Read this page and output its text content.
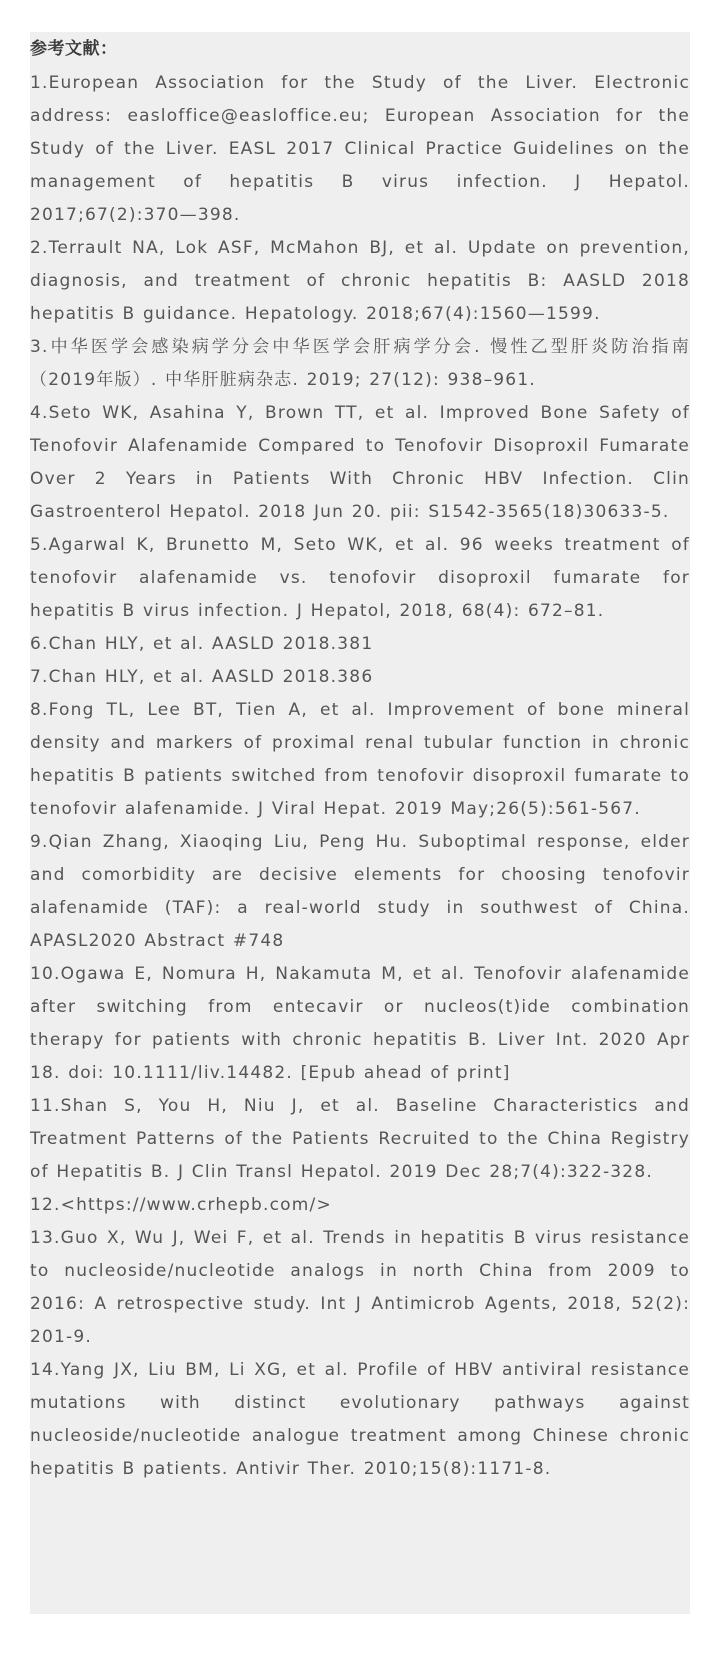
参考文献：

1.European Association for the Study of the Liver. Electronic address: easloffice@easloffice.eu; European Association for the Study of the Liver. EASL 2017 Clinical Practice Guidelines on the management of hepatitis B virus infection. J Hepatol. 2017;67(2):370—398.
2.Terrault NA, Lok ASF, McMahon BJ, et al. Update on prevention, diagnosis, and treatment of chronic hepatitis B: AASLD 2018 hepatitis B guidance. Hepatology. 2018;67(4):1560—1599.
3.中华医学会感染病学分会中华医学会肝病学分会. 慢性乙型肝炎防治指南（2019年版）. 中华肝脏病杂志. 2019; 27(12): 938–961.
4.Seto WK, Asahina Y, Brown TT, et al. Improved Bone Safety of Tenofovir Alafenamide Compared to Tenofovir Disoproxil Fumarate Over 2 Years in Patients With Chronic HBV Infection. Clin Gastroenterol Hepatol. 2018 Jun 20. pii: S1542-3565(18)30633-5.
5.Agarwal K, Brunetto M, Seto WK, et al. 96 weeks treatment of tenofovir alafenamide vs. tenofovir disoproxil fumarate for hepatitis B virus infection. J Hepatol, 2018, 68(4): 672–81.
6.Chan HLY, et al. AASLD 2018.381
7.Chan HLY, et al. AASLD 2018.386
8.Fong TL, Lee BT, Tien A, et al. Improvement of bone mineral density and markers of proximal renal tubular function in chronic hepatitis B patients switched from tenofovir disoproxil fumarate to tenofovir alafenamide. J Viral Hepat. 2019 May;26(5):561-567.
9.Qian Zhang, Xiaoqing Liu, Peng Hu. Suboptimal response, elder and comorbidity are decisive elements for choosing tenofovir alafenamide (TAF): a real-world study in southwest of China. APASL2020 Abstract #748
10.Ogawa E, Nomura H, Nakamuta M, et al. Tenofovir alafenamide after switching from entecavir or nucleos(t)ide combination therapy for patients with chronic hepatitis B. Liver Int. 2020 Apr 18. doi: 10.1111/liv.14482. [Epub ahead of print]
11.Shan S, You H, Niu J, et al. Baseline Characteristics and Treatment Patterns of the Patients Recruited to the China Registry of Hepatitis B. J Clin Transl Hepatol. 2019 Dec 28;7(4):322-328.
12.<https://www.crhepb.com/>
13.Guo X, Wu J, Wei F, et al. Trends in hepatitis B virus resistance to nucleoside/nucleotide analogs in north China from 2009 to 2016: A retrospective study. Int J Antimicrob Agents, 2018, 52(2): 201-9.
14.Yang JX, Liu BM, Li XG, et al. Profile of HBV antiviral resistance mutations with distinct evolutionary pathways against nucleoside/nucleotide analogue treatment among Chinese chronic hepatitis B patients. Antivir Ther. 2010;15(8):1171-8.
